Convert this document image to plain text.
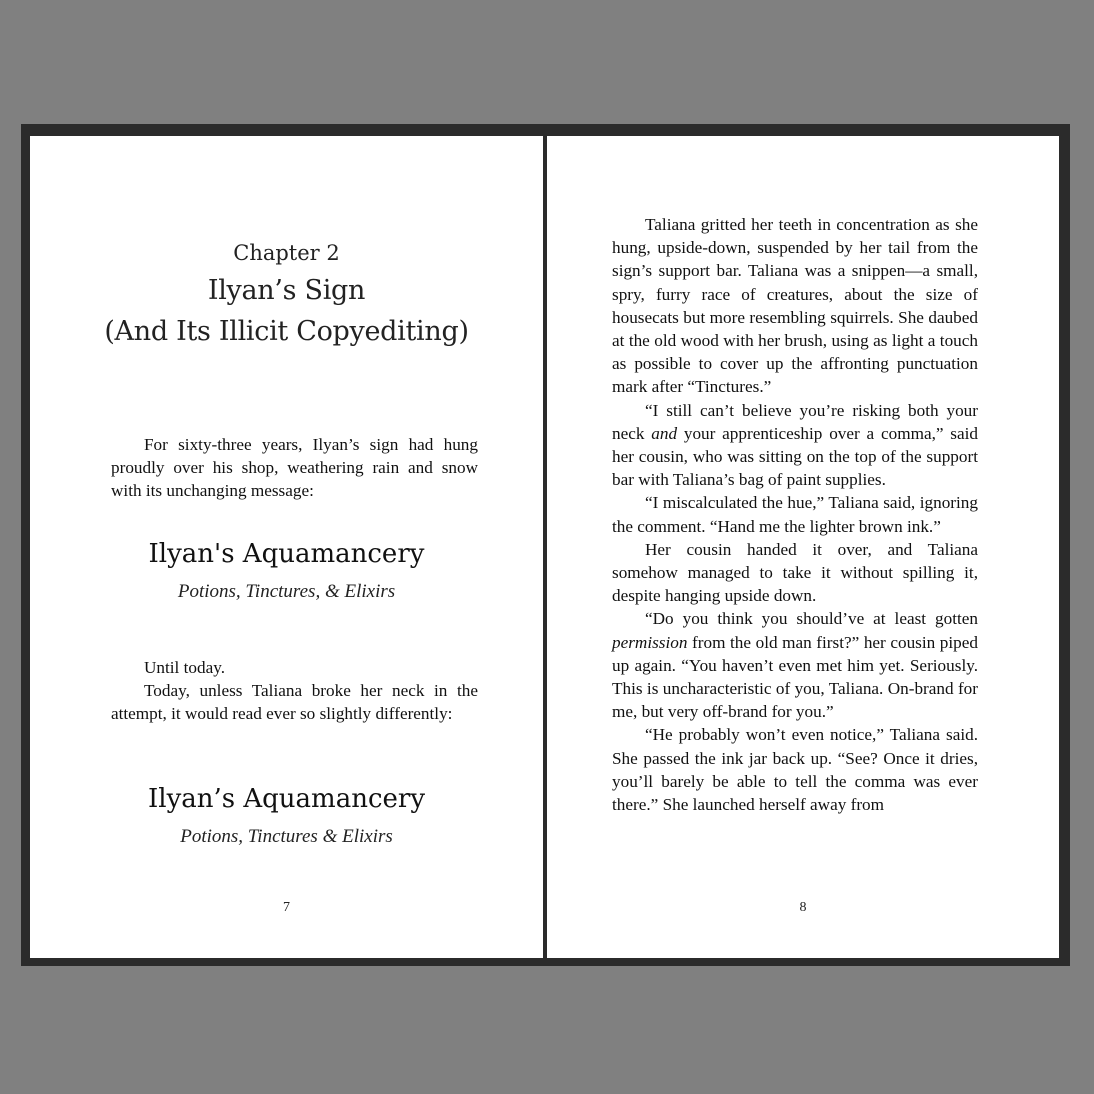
Chapter 2
Ilyan’s Sign
(And Its Illicit Copyediting)

For sixty-three years, Ilyan’s sign had hung proudly over his shop, weathering rain and snow with its unchanging message:

Ilyan's Aquamancery
Potions, Tinctures, & Elixirs

Until today.

Today, unless Taliana broke her neck in the attempt, it would read ever so slightly differently:

Ilyan’s Aquamancery
Potions, Tinctures & Elixirs
7

Taliana gritted her teeth in concentration as she hung, upside-down, suspended by her tail from the sign’s support bar. Taliana was a snippen—a small, spry, furry race of creatures, about the size of housecats but more resembling squirrels. She daubed at the old wood with her brush, using as light a touch as possible to cover up the affronting punctuation mark after “Tinctures.”

“I still can’t believe you’re risking both your neck and your apprenticeship over a comma,” said her cousin, who was sitting on the top of the support bar with Taliana’s bag of paint supplies.

“I miscalculated the hue,” Taliana said, ignoring the comment. “Hand me the lighter brown ink.”

Her cousin handed it over, and Taliana somehow managed to take it without spilling it, despite hanging upside down.

“Do you think you should’ve at least gotten permission from the old man first?” her cousin piped up again. “You haven’t even met him yet. Seriously. This is uncharacteristic of you, Taliana. On-brand for me, but very off-brand for you.”

“He probably won’t even notice,” Taliana said. She passed the ink jar back up. “See? Once it dries, you’ll barely be able to tell the comma was ever there.” She launched herself away from

8
